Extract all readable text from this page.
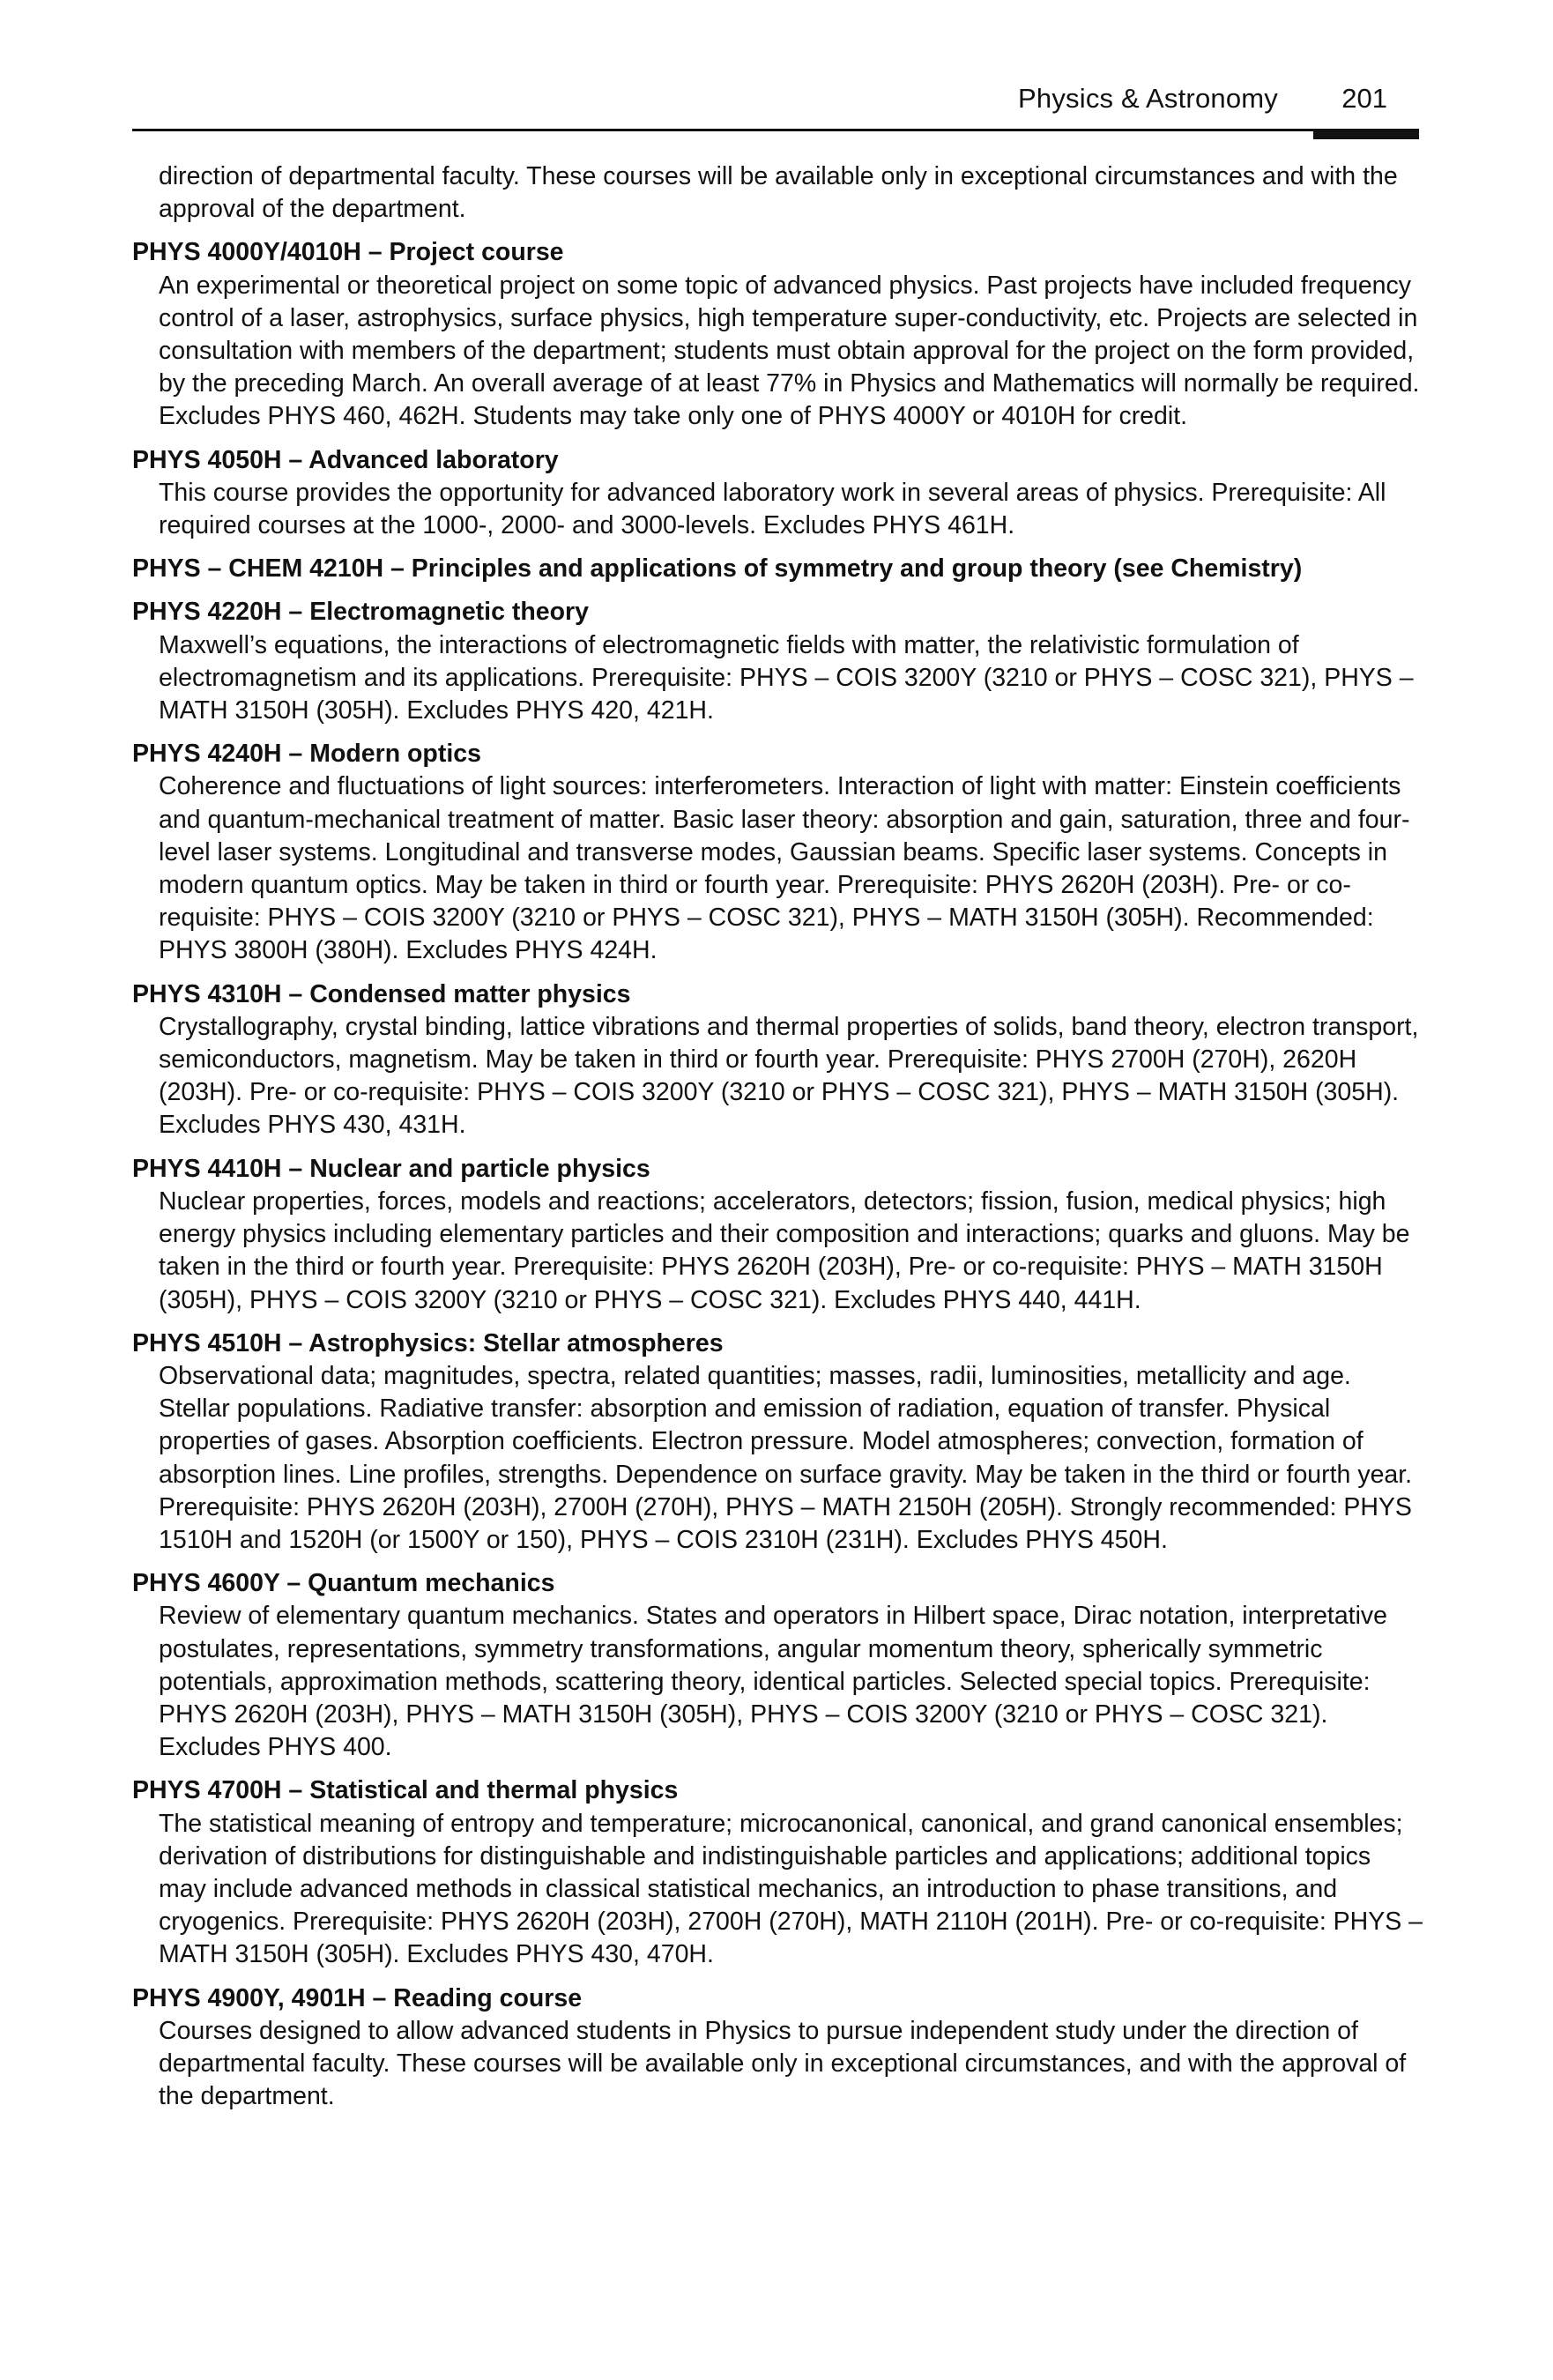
Physics & Astronomy 201

direction of departmental faculty. These courses will be available only in exceptional circumstances and with the approval of the department.

PHYS 4000Y/4010H – Project course
An experimental or theoretical project on some topic of advanced physics. Past projects have included frequency control of a laser, astrophysics, surface physics, high temperature super-conductivity, etc. Projects are selected in consultation with members of the department; students must obtain approval for the project on the form provided, by the preceding March. An overall average of at least 77% in Physics and Mathematics will normally be required. Excludes PHYS 460, 462H. Students may take only one of PHYS 4000Y or 4010H for credit.
PHYS 4050H – Advanced laboratory
This course provides the opportunity for advanced laboratory work in several areas of physics. Prerequisite: All required courses at the 1000-, 2000- and 3000-levels. Excludes PHYS 461H.
PHYS – CHEM 4210H – Principles and applications of symmetry and group theory (see Chemistry)
PHYS 4220H – Electromagnetic theory
Maxwell’s equations, the interactions of electromagnetic fields with matter, the relativistic formulation of electromagnetism and its applications. Prerequisite: PHYS – COIS 3200Y (3210 or PHYS – COSC 321), PHYS – MATH 3150H (305H). Excludes PHYS 420, 421H.
PHYS 4240H – Modern optics
Coherence and fluctuations of light sources: interferometers. Interaction of light with matter: Einstein coefficients and quantum-mechanical treatment of matter. Basic laser theory: absorption and gain, saturation, three and four-level laser systems. Longitudinal and transverse modes, Gaussian beams. Specific laser systems. Concepts in modern quantum optics. May be taken in third or fourth year. Prerequisite: PHYS 2620H (203H). Pre- or co-requisite: PHYS – COIS 3200Y (3210 or PHYS – COSC 321), PHYS – MATH 3150H (305H). Recommended: PHYS 3800H (380H). Excludes PHYS 424H.
PHYS 4310H – Condensed matter physics
Crystallography, crystal binding, lattice vibrations and thermal properties of solids, band theory, electron transport, semiconductors, magnetism. May be taken in third or fourth year. Prerequisite: PHYS 2700H (270H), 2620H (203H). Pre- or co-requisite: PHYS – COIS 3200Y (3210 or PHYS – COSC 321), PHYS – MATH 3150H (305H). Excludes PHYS 430, 431H.
PHYS 4410H – Nuclear and particle physics
Nuclear properties, forces, models and reactions; accelerators, detectors; fission, fusion, medical physics; high energy physics including elementary particles and their composition and interactions; quarks and gluons. May be taken in the third or fourth year. Prerequisite: PHYS 2620H (203H), Pre- or co-requisite: PHYS – MATH 3150H (305H), PHYS – COIS 3200Y (3210 or PHYS – COSC 321). Excludes PHYS 440, 441H.
PHYS 4510H – Astrophysics: Stellar atmospheres
Observational data; magnitudes, spectra, related quantities; masses, radii, luminosities, metallicity and age. Stellar populations. Radiative transfer: absorption and emission of radiation, equation of transfer. Physical properties of gases. Absorption coefficients. Electron pressure. Model atmospheres; convection, formation of absorption lines. Line profiles, strengths. Dependence on surface gravity. May be taken in the third or fourth year. Prerequisite: PHYS 2620H (203H), 2700H (270H), PHYS – MATH 2150H (205H). Strongly recommended: PHYS 1510H and 1520H (or 1500Y or 150), PHYS – COIS 2310H (231H). Excludes PHYS 450H.
PHYS 4600Y – Quantum mechanics
Review of elementary quantum mechanics. States and operators in Hilbert space, Dirac notation, interpretative postulates, representations, symmetry transformations, angular momentum theory, spherically symmetric potentials, approximation methods, scattering theory, identical particles. Selected special topics. Prerequisite: PHYS 2620H (203H), PHYS – MATH 3150H (305H), PHYS – COIS 3200Y (3210 or PHYS – COSC 321). Excludes PHYS 400.
PHYS 4700H – Statistical and thermal physics
The statistical meaning of entropy and temperature; microcanonical, canonical, and grand canonical ensembles; derivation of distributions for distinguishable and indistinguishable particles and applications; additional topics may include advanced methods in classical statistical mechanics, an introduction to phase transitions, and cryogenics. Prerequisite: PHYS 2620H (203H), 2700H (270H), MATH 2110H (201H). Pre- or co-requisite: PHYS – MATH 3150H (305H). Excludes PHYS 430, 470H.
PHYS 4900Y, 4901H – Reading course
Courses designed to allow advanced students in Physics to pursue independent study under the direction of departmental faculty. These courses will be available only in exceptional circumstances, and with the approval of the department.
